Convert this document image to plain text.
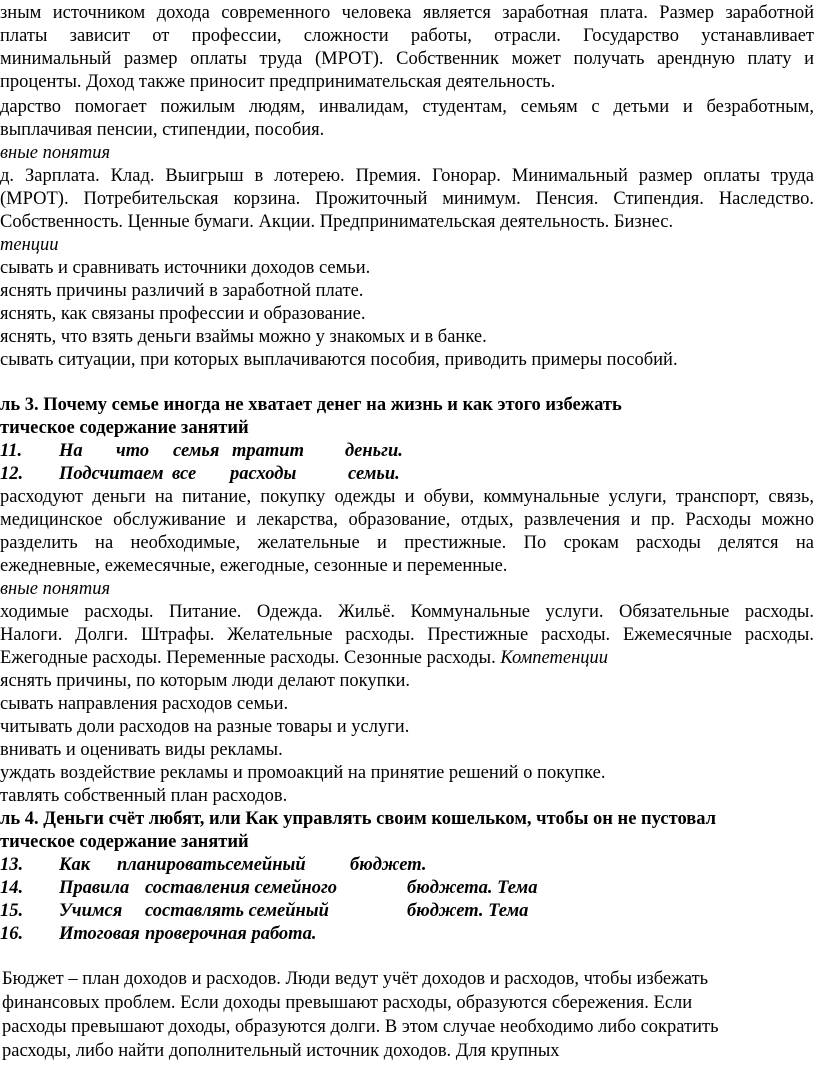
зным источником дохода современного человека является заработная плата. Размер заработной
платы зависит от профессии, сложности работы, отрасли. Государство устанавливает
минимальный размер оплаты труда (МРОТ). Собственник может получать арендную плату и
проценты. Доход также приносит предпринимательская деятельность.
дарство помогает пожилым людям, инвалидам, студентам, семьям с детьми и безработным,
выплачивая пенсии, стипендии, пособия.
вные понятия
д. Зарплата. Клад. Выигрыш в лотерею. Премия. Гонорар. Минимальный размер оплаты труда
(МРОТ). Потребительская корзина. Прожиточный минимум. Пенсия. Стипендия. Наследство.
Собственность. Ценные бумаги. Акции. Предпринимательская деятельность. Бизнес.
тенции
сывать и сравнивать источники доходов семьи.
яснять причины различий в заработной плате.
яснять, как связаны профессии и образование.
яснять, что взять деньги взаймы можно у знакомых и в банке.
сывать ситуации, при которых выплачиваются пособия, приводить примеры пособий.
ль 3. Почему семье иногда не хватает денег на жизнь и как этого избежать
тическое содержание занятий
11.	На	что	семья тратит	деньги.
12.	Подсчитаем все	расходы	семьи.
расходуют деньги на питание, покупку одежды и обуви, коммунальные услуги, транспорт, связь,
медицинское обслуживание и лекарства, образование, отдых, развлечения и пр. Расходы можно
разделить на необходимые, желательные и престижные. По срокам расходы делятся на
ежедневные, ежемесячные, ежегодные, сезонные и переменные.
вные понятия
ходимые расходы. Питание. Одежда. Жильё. Коммунальные услуги. Обязательные расходы.
Налоги. Долги. Штрафы. Желательные расходы. Престижные расходы. Ежемесячные расходы.
Ежегодные расходы. Переменные расходы. Сезонные расходы. Компетенции
яснять причины, по которым люди делают покупки.
сывать направления расходов семьи.
читывать доли расходов на разные товары и услуги.
внивать и оценивать виды рекламы.
уждать воздействие рекламы и промоакций на принятие решений о покупке.
тавлять собственный план расходов.
ль 4. Деньги счёт любят, или Как управлять своим кошельком, чтобы он не пустовал
тическое содержание занятий
13.	Как	планироватьсемейный	бюджет.
14.	Правила составления семейного	бюджета. Тема
15.	Учимся	составлять семейный	бюджет. Тема
16.	Итоговая проверочная работа.
Бюджет – план доходов и расходов. Люди ведут учёт доходов и расходов, чтобы избежать
финансовых проблем. Если доходы превышают расходы, образуются сбережения. Если
расходы превышают доходы, образуются долги. В этом случае необходимо либо сократить
расходы, либо найти дополнительный источник доходов. Для крупных
